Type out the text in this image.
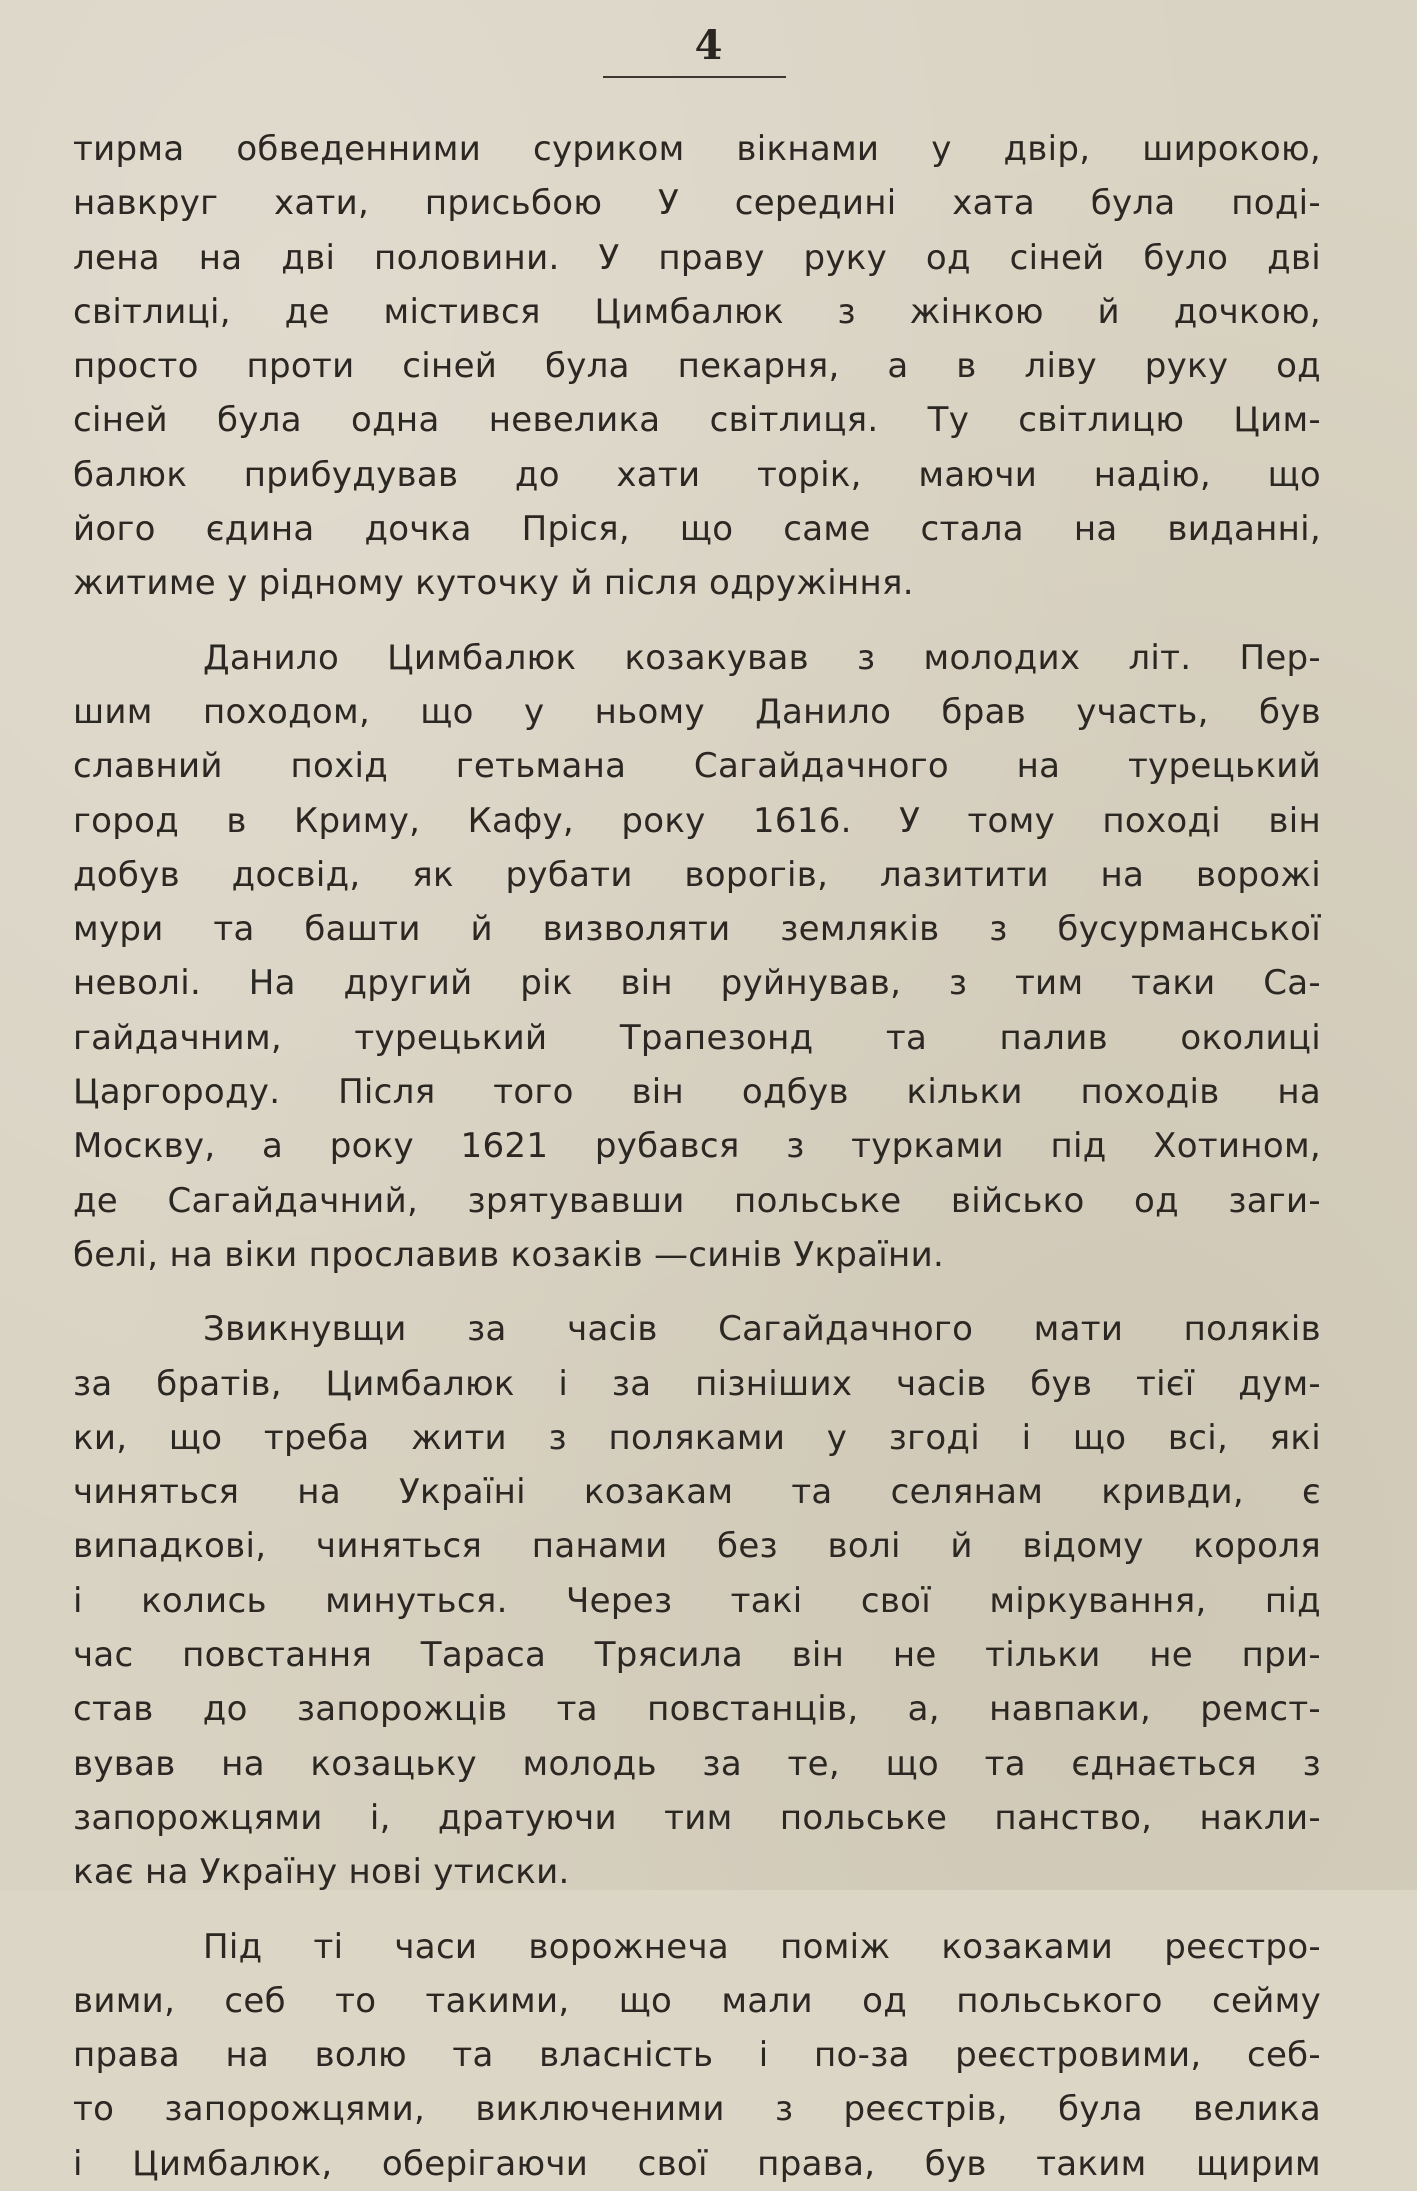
4
тирма обведенними суриком вікнами у двір, широкою,
навкруг хати, присьбою У середині хата була поді-
лена на дві половини. У праву руку од сіней було дві
світлиці, де містився Цимбалюк з жінкою й дочкою,
просто проти сіней була пекарня, а в ліву руку од
сіней була одна невелика світлиця. Ту світлицю Цим-
балюк прибудував до хати торік, маючи надію, що
його єдина дочка Пріся, що саме стала на виданні,
житиме у рідному куточку й після одружіння.
Данило Цимбалюк козакував з молодих літ. Пер-
шим походом, що у ньому Данило брав участь, був
славний похід гетьмана Сагайдачного на турецький
город в Криму, Кафу, року 1616. У тому поході він
добув досвід, як рубати ворогів, лазитити на ворожі
мури та башти й визволяти земляків з бусурманської
неволі. На другий рік він руйнував, з тим таки Са-
гайдачним, турецький Трапезонд та палив околиці
Царгороду. Після того він одбув кільки походів на
Москву, а року 1621 рубався з турками під Хотином,
де Сагайдачний, зрятувавши польське військо од заги-
белі, на віки прославив козаків —синів України.
Звикнувщи за часів Сагайдачного мати поляків
за братів, Цимбалюк і за пізніших часів був тієї дум-
ки, що треба жити з поляками у згоді і що всі, які
чиняться на Україні козакам та селянам кривди, є
випадкові, чиняться панами без волі й відому короля
і колись минуться. Через такі свої міркування, під
час повстання Тараса Трясила він не тільки не при-
став до запорожців та повстанців, а, навпаки, ремст-
вував на козацьку молодь за те, що та єднається з
запорожцями і, дратуючи тим польське панство, накли-
кає на Україну нові утиски.
Під ті часи ворожнеча поміж козаками реєстро-
вими, себ то такими, що мали од польського сейму
права на волю та власність і по-за реєстровими, себ-
то запорожцями, виключеними з реєстрів, була велика
і Цимбалюк, оберігаючи свої права, був таким щирим
